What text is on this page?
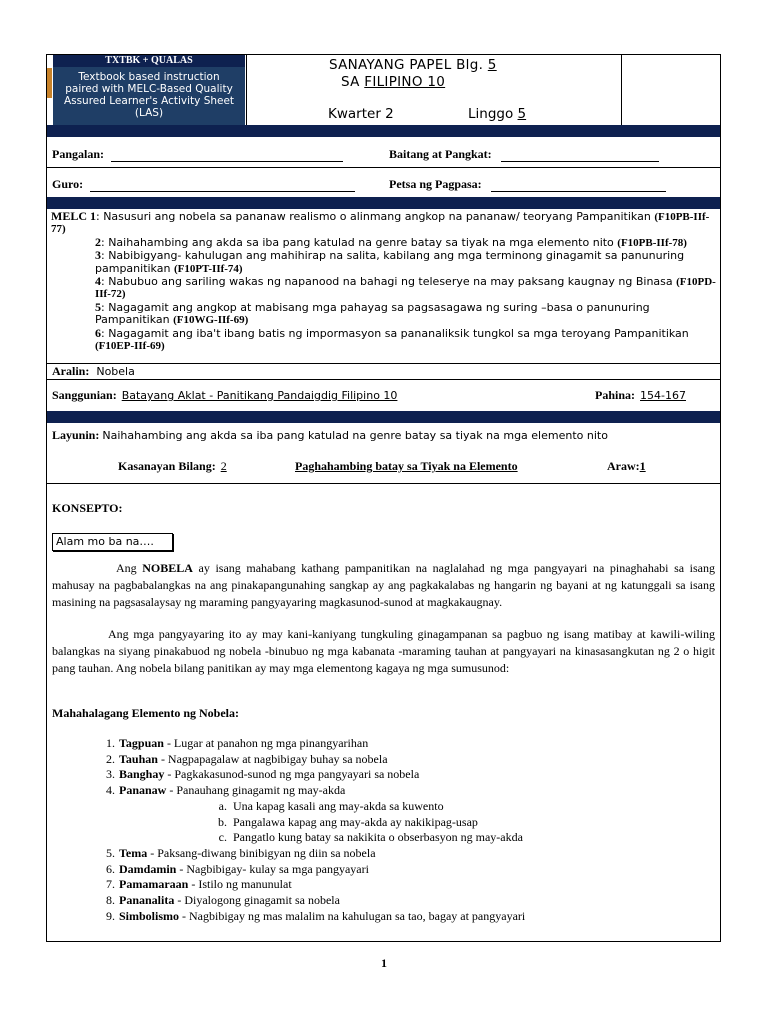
TXTBK + QUALAS
Textbook based instruction paired with MELC-Based Quality Assured Learner's Activity Sheet (LAS)
SANAYANG PAPEL Blg. 5
SA FILIPINO 10
Kwarter 2	Linggo 5
Pangalan:	Baitang at Pangkat:
Guro:	Petsa ng Pagpasa:
MELC 1: Nasusuri ang nobela sa pananaw realismo o alinmang angkop na pananaw/ teoryang Pampanitikan (F10PB-IIf-77)
2: Naihahambing ang akda sa iba pang katulad na genre batay sa tiyak na mga elemento nito (F10PB-IIf-78)
3: Nabibigyang- kahulugan ang mahihirap na salita, kabilang ang mga terminong ginagamit sa panunuring pampanitikan (F10PT-IIf-74)
4: Nabubuo ang sariling wakas ng napanood na bahagi ng teleserye na may paksang kaugnay ng Binasa (F10PD-IIf-72)
5: Nagagamit ang angkop at mabisang mga pahayag sa pagsasagawa ng suring –basa o panunuring Pampanitikan (F10WG-IIf-69)
6: Nagagamit ang iba't ibang batis ng impormasyon sa pananaliksik tungkol sa mga teroyang Pampanitikan (F10EP-IIf-69)
Aralin: Nobela
Sanggunian: Batayang Aklat - Panitikang Pandaigdig Filipino 10	Pahina: 154-167
Layunin: Naihahambing ang akda sa iba pang katulad na genre batay sa tiyak na mga elemento nito
Kasanayan Bilang: 2	Paghahambing batay sa Tiyak na Elemento	Araw:1
KONSEPTO:
Alam mo ba na….
Ang NOBELA ay isang mahabang kathang pampanitikan na naglalahad ng mga pangyayari na pinaghahabi sa isang mahusay na pagbabalangkas na ang pinakapangunahing sangkap ay ang pagkakalabas ng hangarin ng bayani at ng katunggali sa isang masining na pagsasalaysay ng maraming pangyayaring magkasunod-sunod at magkakaugnay.
Ang mga pangyayaring ito ay may kani-kaniyang tungkuling ginagampanan sa pagbuo ng isang matibay at kawili-wiling balangkas na siyang pinakabuod ng nobela -binubuo ng mga kabanata -maraming tauhan at pangyayari na kinasasangkutan ng 2 o higit pang tauhan. Ang nobela bilang panitikan ay may mga elementong kagaya ng mga sumusunod:
Mahahalagang Elemento ng Nobela:
1. Tagpuan - Lugar at panahon ng mga pinangyarihan
2. Tauhan - Nagpapagalaw at nagbibigay buhay sa nobela
3. Banghay - Pagkakasunod-sunod ng mga pangyayari sa nobela
4. Pananaw - Panauhang ginagamit ng may-akda
a. Una kapag kasali ang may-akda sa kuwento
b. Pangalawa kapag ang may-akda ay nakikipag-usap
c. Pangatlo kung batay sa nakikita o obserbasyon ng may-akda
5. Tema - Paksang-diwang binibigyan ng diin sa nobela
6. Damdamin - Nagbibigay- kulay sa mga pangyayari
7. Pamamaraan - Istilo ng manunulat
8. Pananalita - Diyalogong ginagamit sa nobela
9. Simbolismo - Nagbibigay ng mas malalim na kahulugan sa tao, bagay at pangyayari
1
